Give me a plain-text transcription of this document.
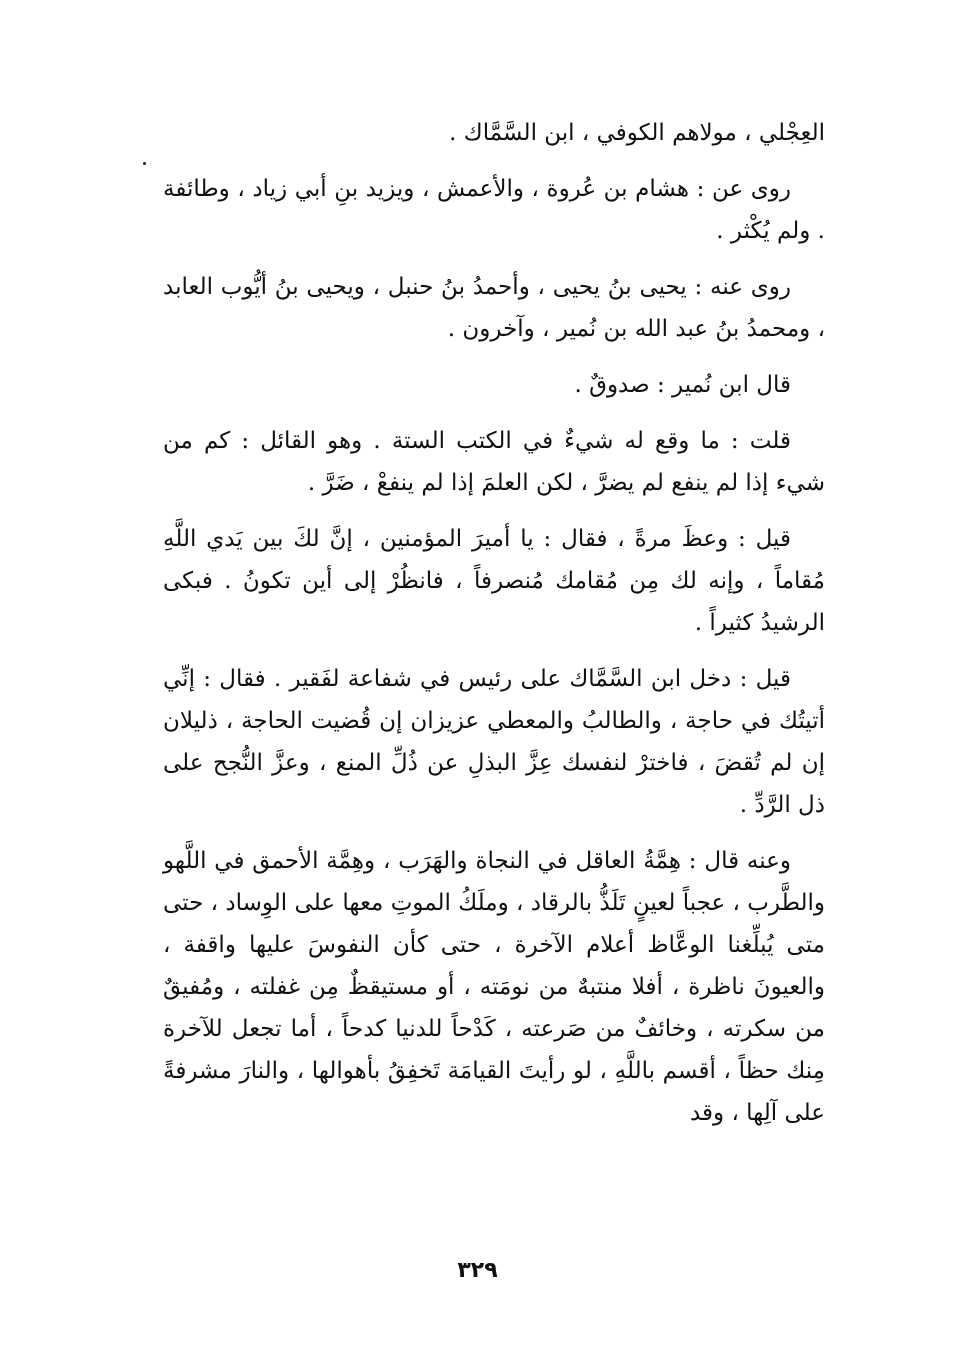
العِجْلي ، مولاهم الكوفي ، ابن السَّمَّاك .

روى عن : هشام بن عُروة ، والأعمش ، ويزيد بنِ أبي زياد ، وطائفة . ولم يُكْثر .

روى عنه : يحيى بنُ يحيى ، وأحمدُ بنُ حنبل ، ويحيى بنُ أيُّوب العابد ، ومحمدُ بنُ عبد الله بن نُمير ، وآخرون .

قال ابن نُمير : صدوقٌ .

قلت : ما وقع له شيءٌ في الكتب الستة . وهو القائل : كم من شيء إذا لم ينفع لم يضرَّ ، لكن العلمَ إذا لم ينفعْ ، ضَرَّ .

قيل : وعظَ مرةً ، فقال : يا أميرَ المؤمنين ، إنَّ لكَ بين يَدي اللَّهِ مُقاماً ، وإنه لك مِن مُقامك مُنصرفاً ، فانظُرْ إلى أين تكونُ . فبكى الرشيدُ كثيراً .

قيل : دخل ابن السَّمَّاك على رئيس في شفاعة لفَقير . فقال : إنِّي أتيتُك في حاجة ، والطالبُ والمعطي عزيزان إن قُضيت الحاجة ، ذليلان إن لم تُقضَ ، فاخترْ لنفسك عِزَّ البذلِ عن ذُلِّ المنع ، وعزَّ النُّجح على ذل الرَّدِّ .

وعنه قال : هِمَّةُ العاقل في النجاة والهَرَب ، وهِمَّة الأحمق في اللَّهو والطَّرب ، عجباً لعينٍ تَلَذُّ بالرقاد ، وملَكُ الموتِ معها على الوِساد ، حتى متى يُبلِّغنا الوعَّاظ أعلام الآخرة ، حتى كأن النفوسَ عليها واقفة ، والعيونَ ناظرة ، أفلا منتبهٌ من نومَته ، أو مستيقظٌ مِن غفلته ، ومُفيقٌ من سكرته ، وخائفٌ من صَرعته ، كَدْحاً للدنيا كدحاً ، أما تجعل للآخرة مِنك حظاً ، أقسم باللَّهِ ، لو رأيتَ القيامَة تَخفِقُ بأهوالها ، والنارَ مشرفةً على آلِها ، وقد

٣٢٩
